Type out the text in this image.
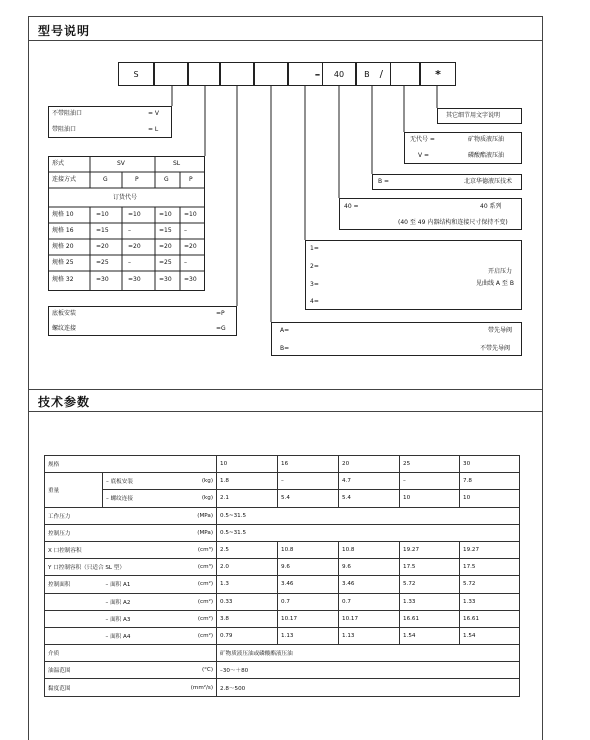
型号说明
S	–	40	B /	*
不带阻油口	= V
带阻油口	= L
形式	SV	SL
连接方式	G	P	G	P
订货代号
规格 10	=10	=10	=10 =10
规格 16	=15	–	=15 –
规格 20	=20	=20	=20 =20
规格 25	=25	–	=25 –
规格 32	=30	=30	=30 =30
底板安装	=P
螺纹连接	=G
其它细节用文字说明
无代号 =	矿物质液压油
V =	磷酸酯液压油
B =	北京华德液压技术
40 =	40 系列
(40 至 49 内器结构和连接尺寸保持不变)
1=
2=
3=
4=
开启压力
见曲线 A 至 B
A=	带先导阀
B=	不带先导阀
技术参数
规格			10	16	20	25	30
重量	– 底板安装	(kg)	1.8	–	4.7	–	7.8
	– 螺纹连接	(kg)	2.1	5.4	5.4	10	10
工作压力		(MPa)	0.5~31.5				
控制压力		(MPa)	0.5~31.5				
X 口控制容积		(cm³)	2.5	10.8	10.8	19.27	19.27
Y 口控制容积（只适合 SL 型）		(cm³)	2.0	9.6	9.6	17.5	17.5
控制面积	– 面积 A1	(cm²)	1.3	3.46	3.46	5.72	5.72
	– 面积 A2	(cm²)	0.33	0.7	0.7	1.33	1.33
	– 面积 A3	(cm²)	3.8	10.17	10.17	16.61	16.61
	– 面积 A4	(cm²)	0.79	1.13	1.13	1.54	1.54
介质			矿物质液压油或磷酸酯液压油				
油温范围		(°C)	–30～＋80				
黏度范围		(mm²/s)	2.8～500				
